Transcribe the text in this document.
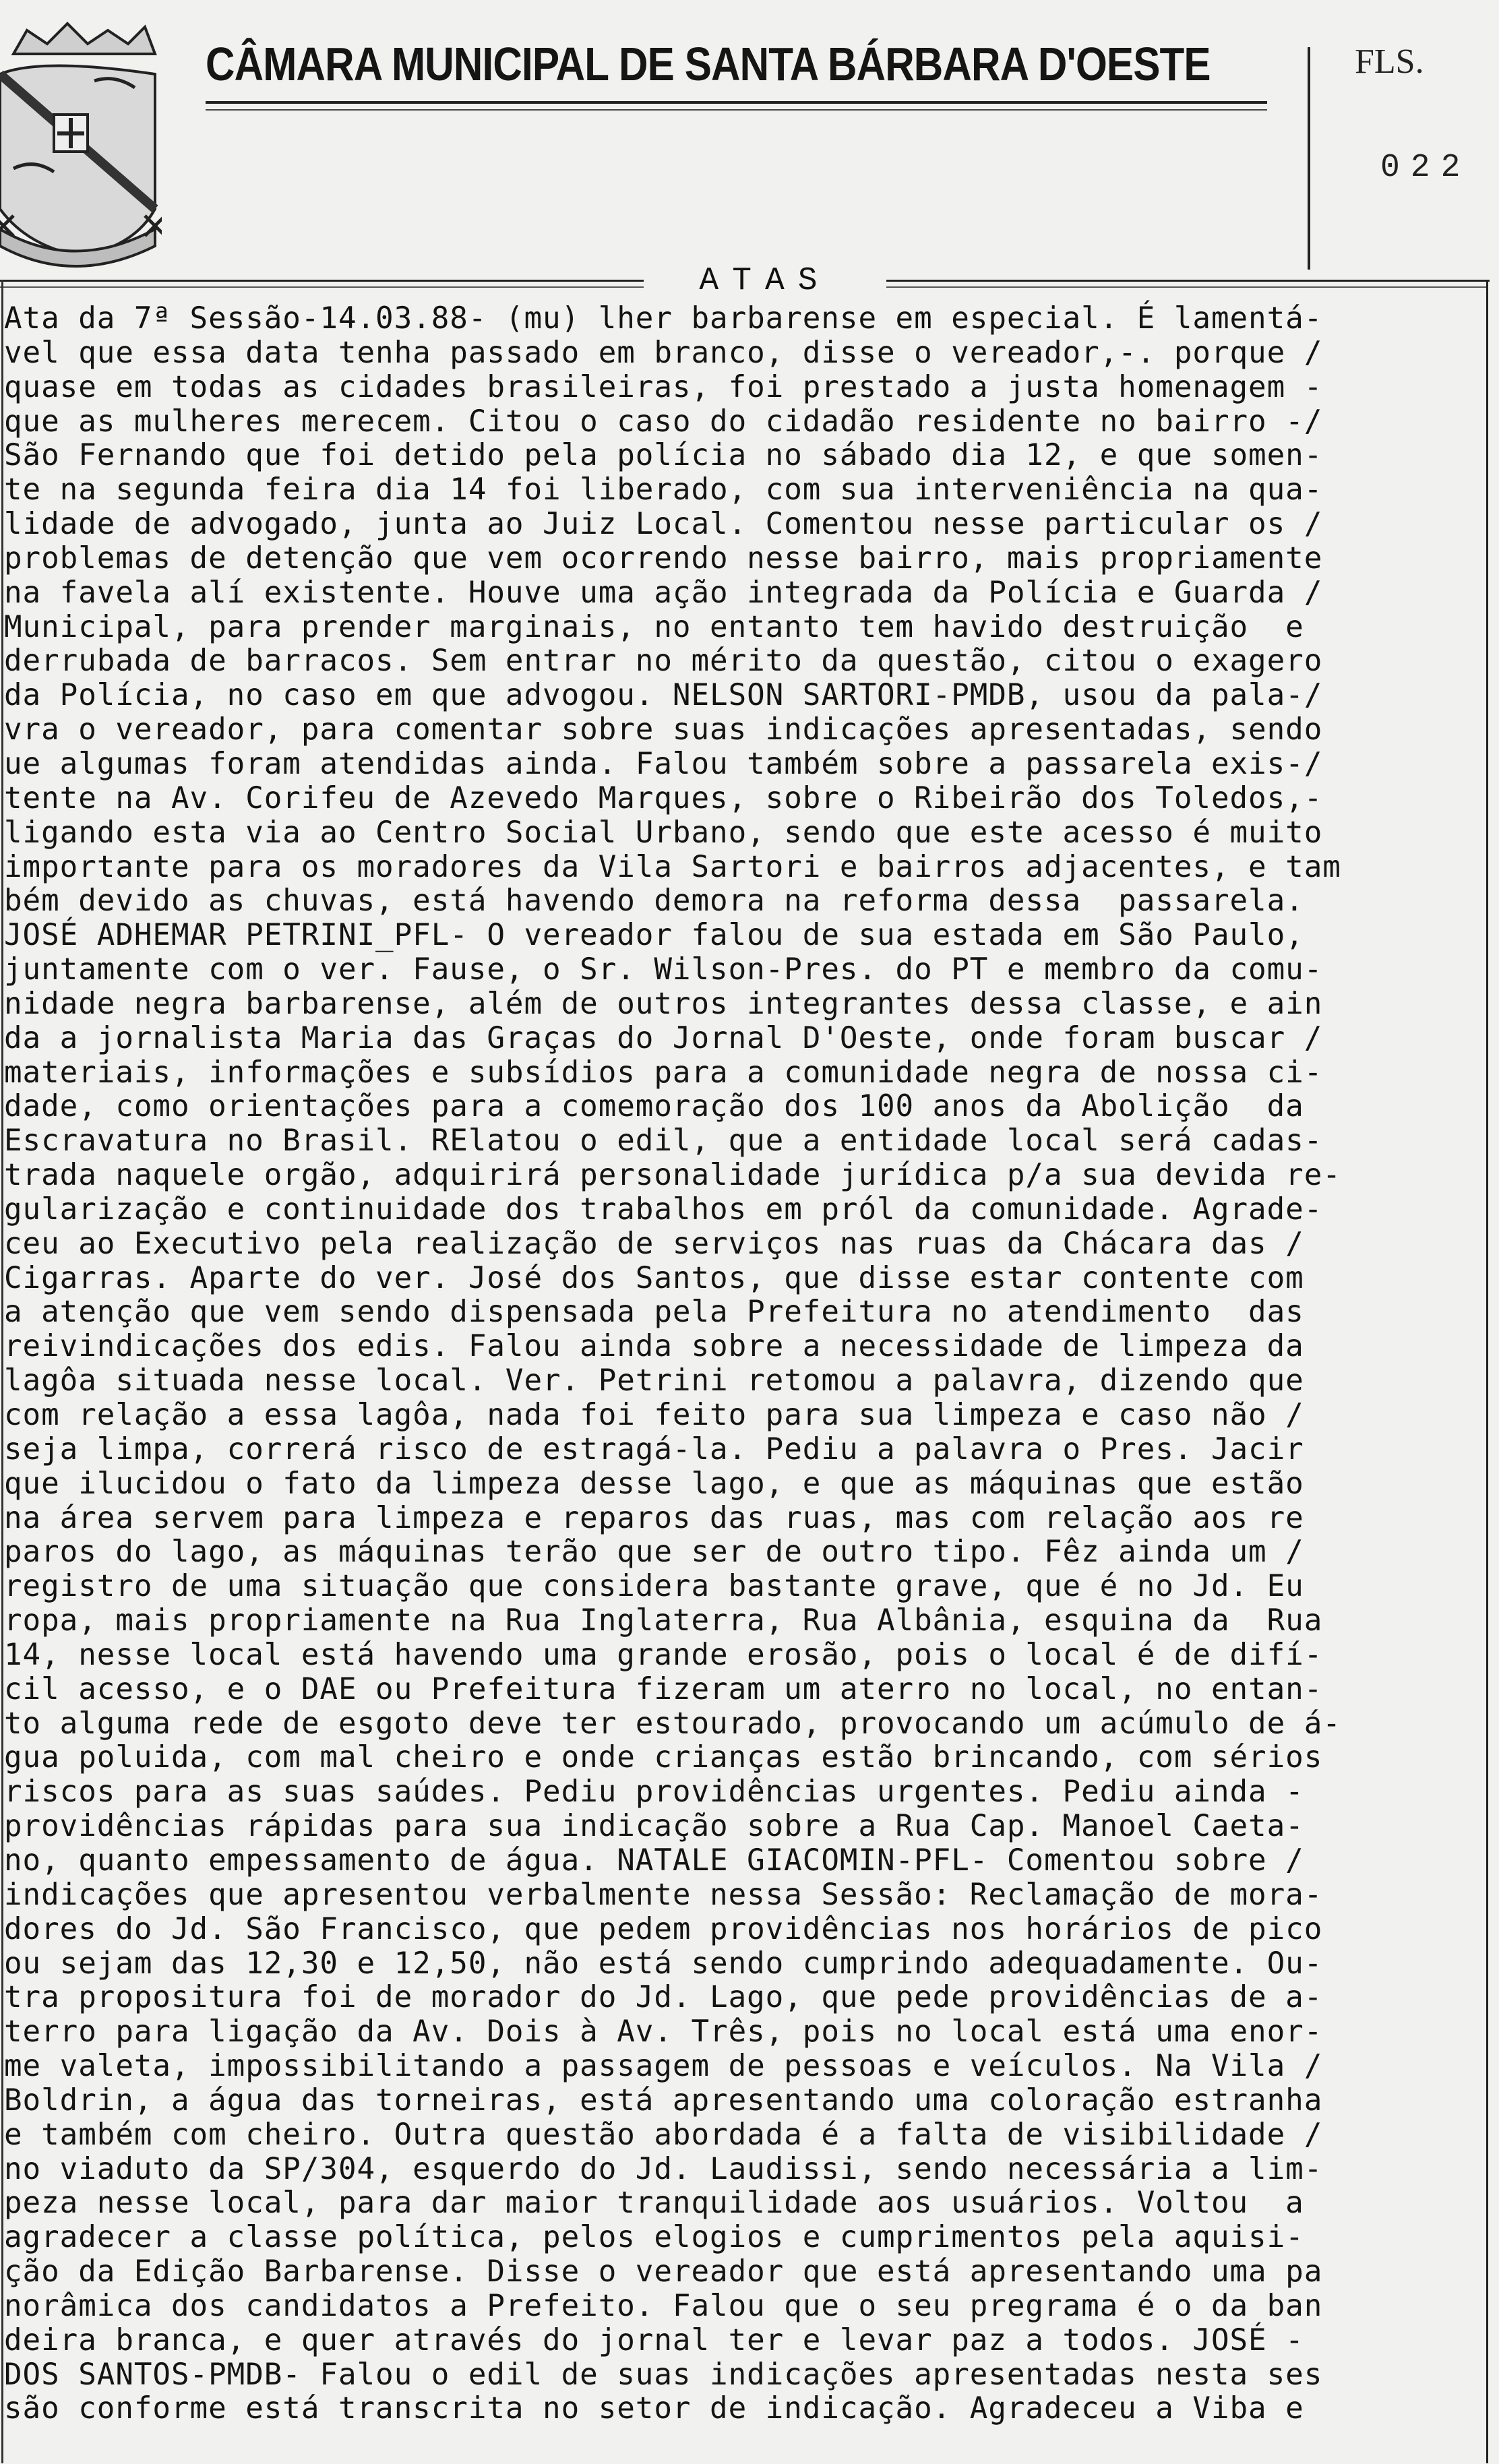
CÂMARA MUNICIPAL DE SANTA BÁRBARA D'OESTE	FLS.
022
ATAS
Ata da 7ª Sessão-14.03.88- (mu) lher barbarense em especial. É lamentá-
vel que essa data tenha passado em branco, disse o vereador,-. porque /
quase em todas as cidades brasileiras, foi prestado a justa homenagem -
que as mulheres merecem. Citou o caso do cidadão residente no bairro -/
São Fernando que foi detido pela polícia no sábado dia 12, e que somen-
te na segunda feira dia 14 foi liberado, com sua interveniência na qua-
lidade de advogado, junta ao Juiz Local. Comentou nesse particular os /
problemas de detenção que vem ocorrendo nesse bairro, mais propriamente
na favela alí existente. Houve uma ação integrada da Polícia e Guarda /
Municipal, para prender marginais, no entanto tem havido destruição  e
derrubada de barracos. Sem entrar no mérito da questão, citou o exagero
da Polícia, no caso em que advogou. NELSON SARTORI-PMDB, usou da pala-/
vra o vereador, para comentar sobre suas indicações apresentadas, sendo
ue algumas foram atendidas ainda. Falou também sobre a passarela exis-/
tente na Av. Corifeu de Azevedo Marques, sobre o Ribeirão dos Toledos,-
ligando esta via ao Centro Social Urbano, sendo que este acesso é muito
importante para os moradores da Vila Sartori e bairros adjacentes, e tam
bém devido as chuvas, está havendo demora na reforma dessa  passarela.
JOSÉ ADHEMAR PETRINI_PFL- O vereador falou de sua estada em São Paulo,
juntamente com o ver. Fause, o Sr. Wilson-Pres. do PT e membro da comu-
nidade negra barbarense, além de outros integrantes dessa classe, e ain
da a jornalista Maria das Graças do Jornal D'Oeste, onde foram buscar /
materiais, informações e subsídios para a comunidade negra de nossa ci-
dade, como orientações para a comemoração dos 100 anos da Abolição  da
Escravatura no Brasil. RElatou o edil, que a entidade local será cadas-
trada naquele orgão, adquirirá personalidade jurídica p/a sua devida re-
gularização e continuidade dos trabalhos em pról da comunidade. Agrade-
ceu ao Executivo pela realização de serviços nas ruas da Chácara das /
Cigarras. Aparte do ver. José dos Santos, que disse estar contente com
a atenção que vem sendo dispensada pela Prefeitura no atendimento  das
reivindicações dos edis. Falou ainda sobre a necessidade de limpeza da
lagôa situada nesse local. Ver. Petrini retomou a palavra, dizendo que
com relação a essa lagôa, nada foi feito para sua limpeza e caso não /
seja limpa, correrá risco de estragá-la. Pediu a palavra o Pres. Jacir
que ilucidou o fato da limpeza desse lago, e que as máquinas que estão
na área servem para limpeza e reparos das ruas, mas com relação aos re
paros do lago, as máquinas terão que ser de outro tipo. Fêz ainda um /
registro de uma situação que considera bastante grave, que é no Jd. Eu
ropa, mais propriamente na Rua Inglaterra, Rua Albânia, esquina da  Rua
14, nesse local está havendo uma grande erosão, pois o local é de difí-
cil acesso, e o DAE ou Prefeitura fizeram um aterro no local, no entan-
to alguma rede de esgoto deve ter estourado, provocando um acúmulo de á-
gua poluida, com mal cheiro e onde crianças estão brincando, com sérios
riscos para as suas saúdes. Pediu providências urgentes. Pediu ainda -
providências rápidas para sua indicação sobre a Rua Cap. Manoel Caeta-
no, quanto empessamento de água. NATALE GIACOMIN-PFL- Comentou sobre /
indicações que apresentou verbalmente nessa Sessão: Reclamação de mora-
dores do Jd. São Francisco, que pedem providências nos horários de pico
ou sejam das 12,30 e 12,50, não está sendo cumprindo adequadamente. Ou-
tra propositura foi de morador do Jd. Lago, que pede providências de a-
terro para ligação da Av. Dois à Av. Três, pois no local está uma enor-
me valeta, impossibilitando a passagem de pessoas e veículos. Na Vila /
Boldrin, a água das torneiras, está apresentando uma coloração estranha
e também com cheiro. Outra questão abordada é a falta de visibilidade /
no viaduto da SP/304, esquerdo do Jd. Laudissi, sendo necessária a lim-
peza nesse local, para dar maior tranquilidade aos usuários. Voltou  a
agradecer a classe política, pelos elogios e cumprimentos pela aquisi-
ção da Edição Barbarense. Disse o vereador que está apresentando uma pa
norâmica dos candidatos a Prefeito. Falou que o seu pregrama é o da ban
deira branca, e quer através do jornal ter e levar paz a todos. JOSÉ -
DOS SANTOS-PMDB- Falou o edil de suas indicações apresentadas nesta ses
são conforme está transcrita no setor de indicação. Agradeceu a Viba e
